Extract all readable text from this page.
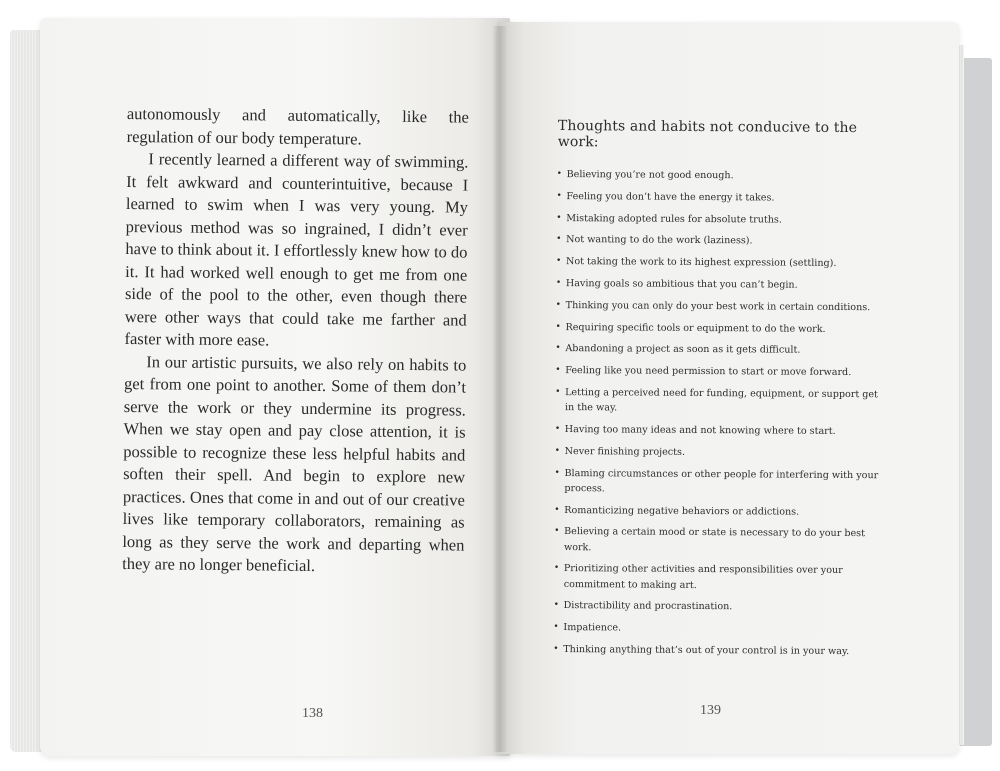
autonomously and automatically, like the regulation of our body temperature.

I recently learned a different way of swimming. It felt awkward and counterintuitive, because I learned to swim when I was very young. My previous method was so ingrained, I didn’t ever have to think about it. I effortlessly knew how to do it. It had worked well enough to get me from one side of the pool to the other, even though there were other ways that could take me farther and faster with more ease.

In our artistic pursuits, we also rely on habits to get from one point to another. Some of them don’t serve the work or they undermine its progress. When we stay open and pay close attention, it is possible to recognize these less helpful habits and soften their spell. And begin to explore new practices. Ones that come in and out of our creative lives like temporary collaborators, remaining as long as they serve the work and departing when they are no longer beneficial.

138
Thoughts and habits not conducive to the work:
• Believing you’re not good enough.
• Feeling you don’t have the energy it takes.
• Mistaking adopted rules for absolute truths.
• Not wanting to do the work (laziness).
• Not taking the work to its highest expression (settling).
• Having goals so ambitious that you can’t begin.
• Thinking you can only do your best work in certain conditions.
• Requiring specific tools or equipment to do the work.
• Abandoning a project as soon as it gets difficult.
• Feeling like you need permission to start or move forward.
• Letting a perceived need for funding, equipment, or support get in the way.
• Having too many ideas and not knowing where to start.
• Never finishing projects.
• Blaming circumstances or other people for interfering with your process.
• Romanticizing negative behaviors or addictions.
• Believing a certain mood or state is necessary to do your best work.
• Prioritizing other activities and responsibilities over your commitment to making art.
• Distractibility and procrastination.
• Impatience.
• Thinking anything that’s out of your control is in your way.
139
